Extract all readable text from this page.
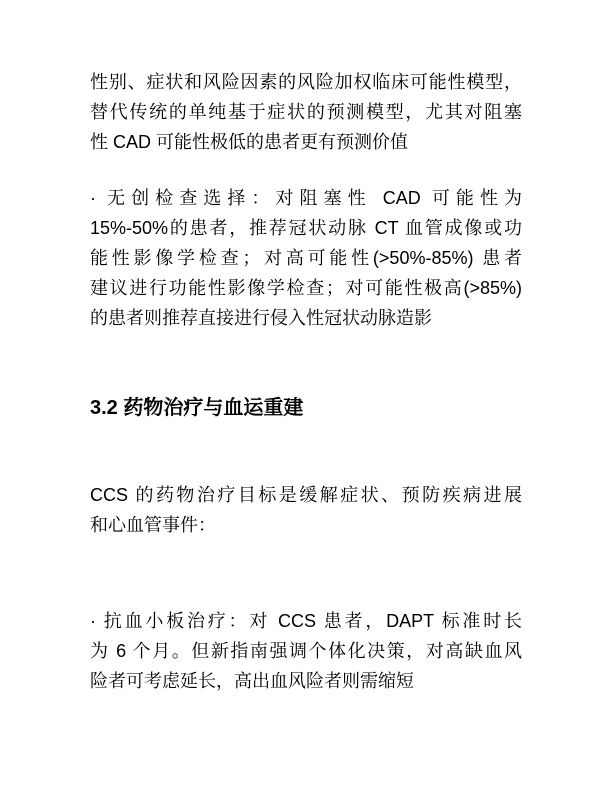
性别、症状和风险因素的风险加权临床可能性模型，
替代传统的单纯基于症状的预测模型，尤其对阻塞
性 CAD 可能性极低的患者更有预测价值
· 无创检查选择：对阻塞性 CAD 可能性为
15%-50%的患者，推荐冠状动脉 CT 血管成像或功
能性影像学检查；对高可能性(>50%-85%) 患者
建议进行功能性影像学检查；对可能性极高(>85%)
的患者则推荐直接进行侵入性冠状动脉造影
3.2 药物治疗与血运重建
CCS 的药物治疗目标是缓解症状、预防疾病进展
和心血管事件：
· 抗血小板治疗：对 CCS 患者，DAPT 标准时长
为 6 个月。但新指南强调个体化决策，对高缺血风
险者可考虑延长，高出血风险者则需缩短
